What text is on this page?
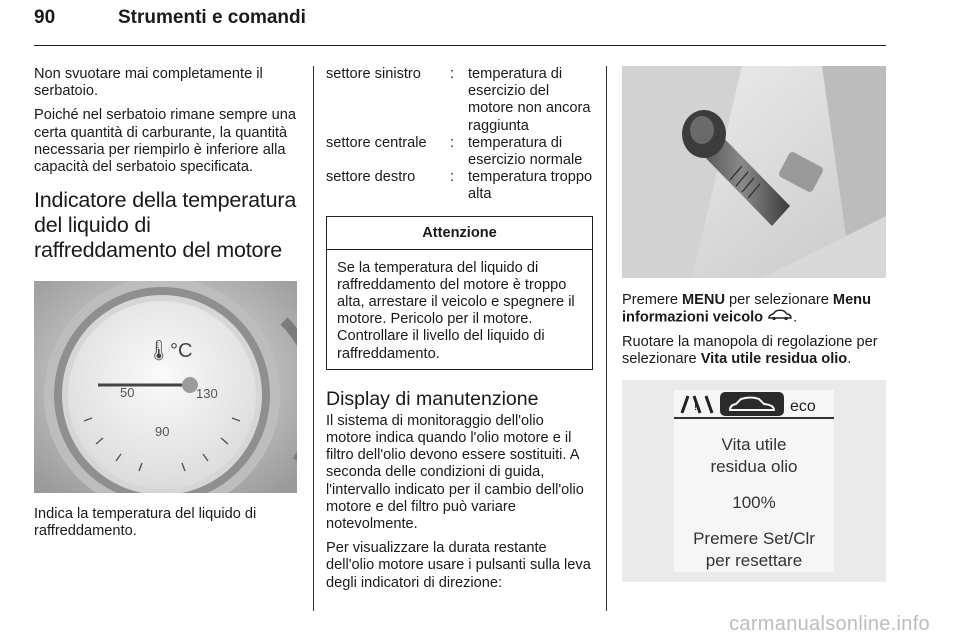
90	Strumenti e comandi

Non svuotare mai completamente il serbatoio.

Poiché nel serbatoio rimane sempre una certa quantità di carburante, la quantità necessaria per riempirlo è inferiore alla capacità del serbatoio specificata.

Indicatore della temperatura del liquido di raffreddamento del motore
🌡
°C
50	130
90

Indica la temperatura del liquido di raffreddamento.

settore sinistro	:	temperatura di esercizio del motore non ancora raggiunta
settore centrale	:	temperatura di esercizio normale
settore destro	:	temperatura troppo alta
Attenzione
Se la temperatura del liquido di raffreddamento del motore è troppo alta, arrestare il veicolo e spegnere il motore. Pericolo per il motore. Controllare il livello del liquido di raffreddamento.
Display di manutenzione

Il sistema di monitoraggio dell'olio motore indica quando l'olio motore e il filtro dell'olio devono essere sostituiti. A seconda delle condizioni di guida, l'intervallo indicato per il cambio dell'olio motore e del filtro può variare notevolmente.

Per visualizzare la durata restante dell'olio motore usare i pulsanti sulla leva degli indicatori di direzione:

Premere MENU per selezionare Menu informazioni veicolo .

Ruotare la manopola di regolazione per selezionare Vita utile residua olio.

!	eco
Vita utile
residua olio
100%
Premere Set/Clr
per resettare
carmanualsonline.info
